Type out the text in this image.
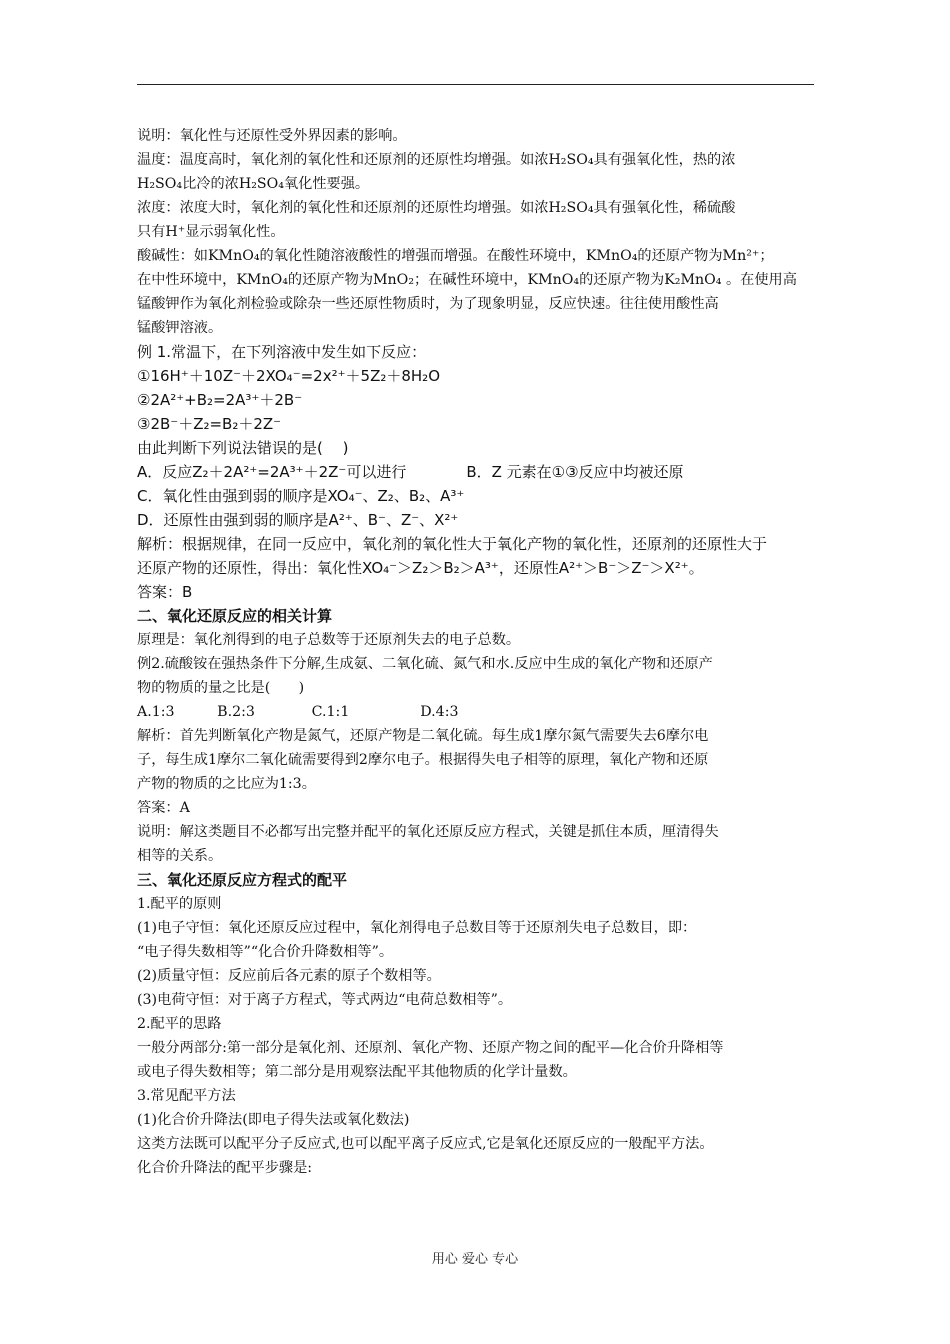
说明：氧化性与还原性受外界因素的影响。
温度：温度高时，氧化剂的氧化性和还原剂的还原性均增强。如浓H₂SO₄具有强氧化性，热的浓
H₂SO₄比冷的浓H₂SO₄氧化性要强。
浓度：浓度大时，氧化剂的氧化性和还原剂的还原性均增强。如浓H₂SO₄具有强氧化性，稀硫酸
只有H⁺显示弱氧化性。
酸碱性：如KMnO₄的氧化性随溶液酸性的增强而增强。在酸性环境中，KMnO₄的还原产物为Mn²⁺；
在中性环境中，KMnO₄的还原产物为MnO₂；在碱性环境中，KMnO₄的还原产物为K₂MnO₄ 。在使用高
锰酸钾作为氧化剂检验或除杂一些还原性物质时，为了现象明显，反应快速。往往使用酸性高
锰酸钾溶液。
例 1.常温下，在下列溶液中发生如下反应：
①16H⁺＋10Z⁻＋2XO₄⁻=2x²⁺＋5Z₂＋8H₂O
②2A²⁺+B₂=2A³⁺＋2B⁻
③2B⁻＋Z₂=B₂＋2Z⁻
由此判断下列说法错误的是(　 )
A．反应Z₂＋2A²⁺=2A³⁺＋2Z⁻可以进行　　　　B．Z 元素在①③反应中均被还原
C．氧化性由强到弱的顺序是XO₄⁻、Z₂、B₂、A³⁺
D．还原性由强到弱的顺序是A²⁺、B⁻、Z⁻、X²⁺
解析：根据规律，在同一反应中，氧化剂的氧化性大于氧化产物的氧化性，还原剂的还原性大于
还原产物的还原性，得出：氧化性XO₄⁻＞Z₂＞B₂＞A³⁺，还原性A²⁺＞B⁻＞Z⁻＞X²⁺。
答案：B
二、氧化还原反应的相关计算
原理是：氧化剂得到的电子总数等于还原剂失去的电子总数。
例2.硫酸铵在强热条件下分解,生成氨、二氧化硫、氮气和水.反应中生成的氧化产物和还原产
物的物质的量之比是(　　)
A.1:3　　　B.2:3　　　　C.1:1　　　　　D.4:3
解析：首先判断氧化产物是氮气，还原产物是二氧化硫。每生成1摩尔氮气需要失去6摩尔电
子，每生成1摩尔二氧化硫需要得到2摩尔电子。根据得失电子相等的原理，氧化产物和还原
产物的物质的之比应为1:3。
答案：A
说明：解这类题目不必都写出完整并配平的氧化还原反应方程式，关键是抓住本质，厘清得失
相等的关系。
三、氧化还原反应方程式的配平
1.配平的原则
(1)电子守恒：氧化还原反应过程中，氧化剂得电子总数目等于还原剂失电子总数目，即：
“电子得失数相等”“化合价升降数相等”。
(2)质量守恒：反应前后各元素的原子个数相等。
(3)电荷守恒：对于离子方程式，等式两边“电荷总数相等”。
2.配平的思路
一般分两部分:第一部分是氧化剂、还原剂、氧化产物、还原产物之间的配平—化合价升降相等
或电子得失数相等；第二部分是用观察法配平其他物质的化学计量数。
3.常见配平方法
(1)化合价升降法(即电子得失法或氧化数法)
这类方法既可以配平分子反应式,也可以配平离子反应式,它是氧化还原反应的一般配平方法。
化合价升降法的配平步骤是:
用心 爱心 专心
